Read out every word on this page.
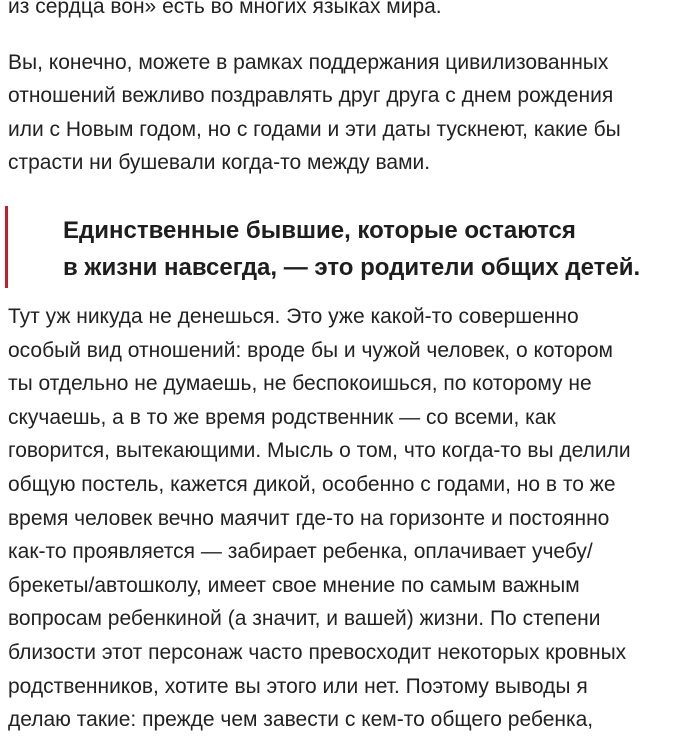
из сердца вон» есть во многих языках мира.

Вы, конечно, можете в рамках поддержания цивилизованных
отношений вежливо поздравлять друг друга с днем рождения
или с Новым годом, но с годами и эти даты тускнеют, какие бы
страсти ни бушевали когда-то между вами.

Единственные бывшие, которые остаются
в жизни навсегда, — это родители общих детей.

Тут уж никуда не денешься. Это уже какой-то совершенно
особый вид отношений: вроде бы и чужой человек, о котором
ты отдельно не думаешь, не беспокоишься, по которому не
скучаешь, а в то же время родственник — со всеми, как
говорится, вытекающими. Мысль о том, что когда-то вы делили
общую постель, кажется дикой, особенно с годами, но в то же
время человек вечно маячит где-то на горизонте и постоянно
как-то проявляется — забирает ребенка, оплачивает учебу/
брекеты/автошколу, имеет свое мнение по самым важным
вопросам ребенкиной (а значит, и вашей) жизни. По степени
близости этот персонаж часто превосходит некоторых кровных
родственников, хотите вы этого или нет. Поэтому выводы я
делаю такие: прежде чем завести с кем-то общего ребенка,
